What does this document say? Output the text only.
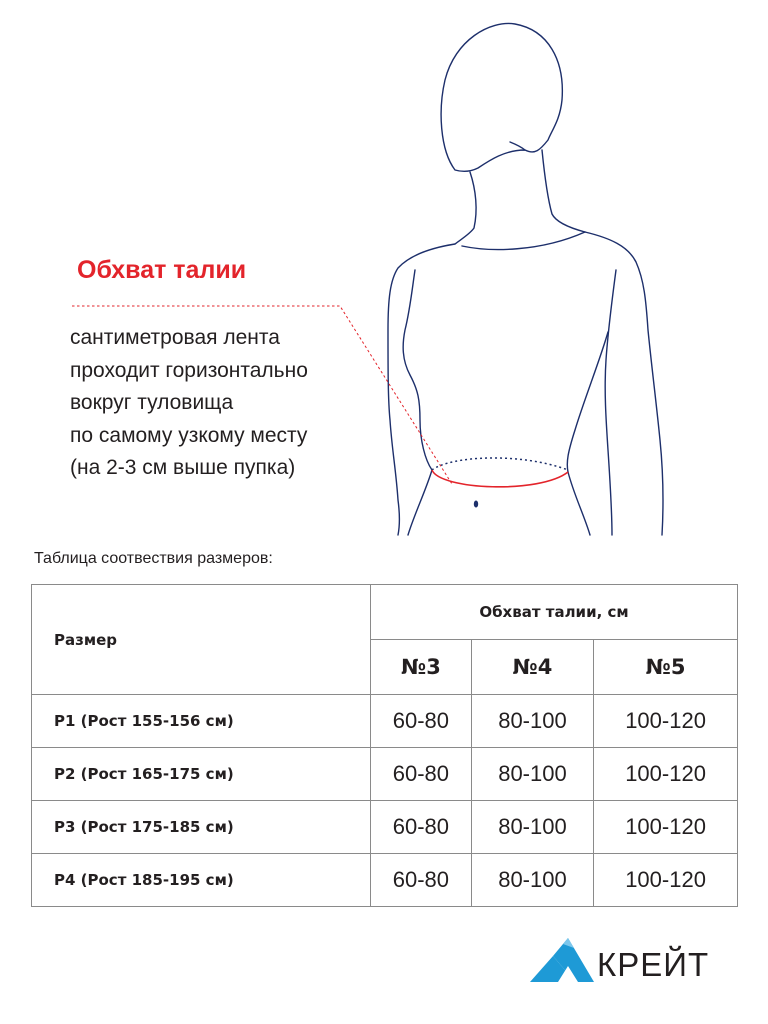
Обхват талии
сантиметровая лента
проходит горизонтально
вокруг туловища
по самому узкому месту
(на 2-3 см выше пупка)
Таблица соотвествия размеров:
Размер	Обхват талии, см		
	№3	№4	№5
Р1 (Рост 155-156 см)	60-80	80-100	100-120
Р2 (Рост 165-175 см)	60-80	80-100	100-120
Р3 (Рост 175-185 см)	60-80	80-100	100-120
Р4 (Рост 185-195 см)	60-80	80-100	100-120
КРЕЙТ
